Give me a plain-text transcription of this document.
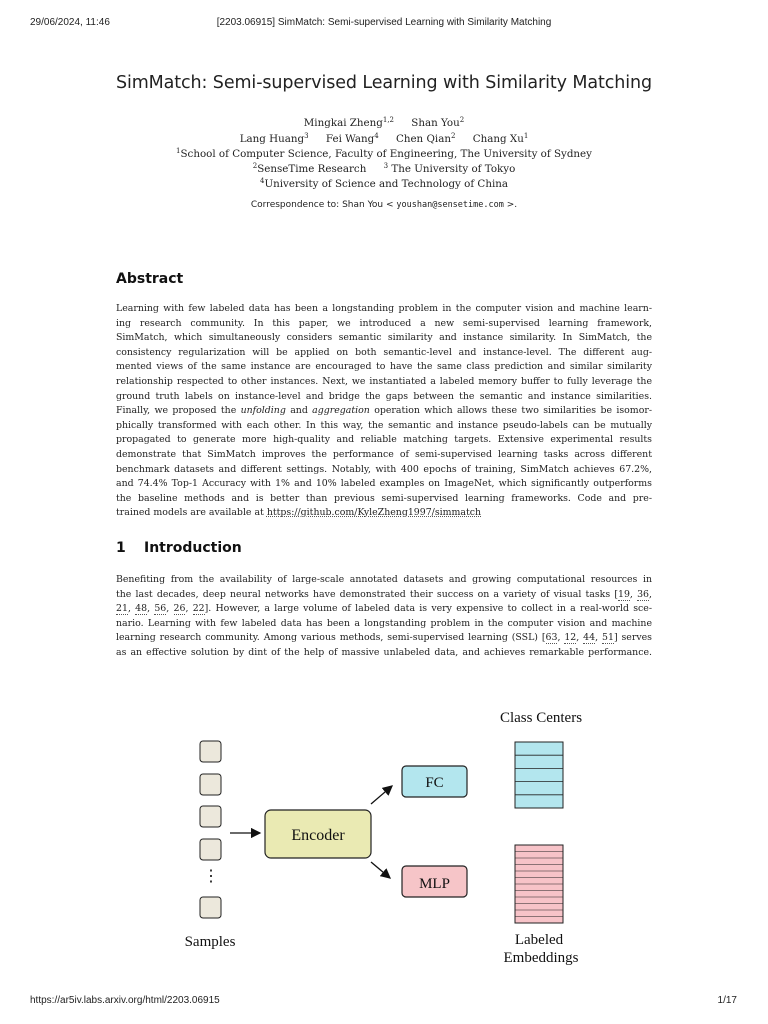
29/06/2024, 11:46	[2203.06915] SimMatch: Semi-supervised Learning with Similarity Matching
https://ar5iv.labs.arxiv.org/html/2203.06915	1/17
SimMatch: Semi-supervised Learning with Similarity Matching
Mingkai Zheng$^{1,2}$ Shan You$^2$
Lang Huang$^3$ Fei Wang$^4$ Chen Qian$^2$ Chang Xu$^1$
$^1$School of Computer Science, Faculty of Engineering, The University of Sydney
$^2$SenseTime Research $^3$ The University of Tokyo
$^4$University of Science and Technology of China
Correspondence to: Shan You < youshan@sensetime.com >.
Abstract
Learning with few labeled data has been a longstanding problem in the computer vision and machine learn-
ing research community. In this paper, we introduced a new semi-supervised learning framework,
SimMatch, which simultaneously considers semantic similarity and instance similarity. In SimMatch, the
consistency regularization will be applied on both semantic-level and instance-level. The different aug-
mented views of the same instance are encouraged to have the same class prediction and similar similarity
relationship respected to other instances. Next, we instantiated a labeled memory buffer to fully leverage the
ground truth labels on instance-level and bridge the gaps between the semantic and instance similarities.
Finally, we proposed the unfolding and aggregation operation which allows these two similarities be isomor-
phically transformed with each other. In this way, the semantic and instance pseudo-labels can be mutually
propagated to generate more high-quality and reliable matching targets. Extensive experimental results
demonstrate that SimMatch improves the performance of semi-supervised learning tasks across different
benchmark datasets and different settings. Notably, with 400 epochs of training, SimMatch achieves 67.2%,
and 74.4% Top-1 Accuracy with 1% and 10% labeled examples on ImageNet, which significantly outperforms
the baseline methods and is better than previous semi-supervised learning frameworks. Code and pre-
trained models are available at https://github.com/KyleZheng1997/simmatch
1 Introduction
Benefiting from the availability of large-scale annotated datasets and growing computational resources in
the last decades, deep neural networks have demonstrated their success on a variety of visual tasks [19, 36,
21, 48, 56, 26, 22]. However, a large volume of labeled data is very expensive to collect in a real-world sce-
nario. Learning with few labeled data has been a longstanding problem in the computer vision and machine
learning research community. Among various methods, semi-supervised learning (SSL) [63, 12, 44, 51] serves
as an effective solution by dint of the help of massive unlabeled data, and achieves remarkable performance.
⋮
Samples
Encoder
FC
MLP
Class Centers
Labeled
Embeddings
